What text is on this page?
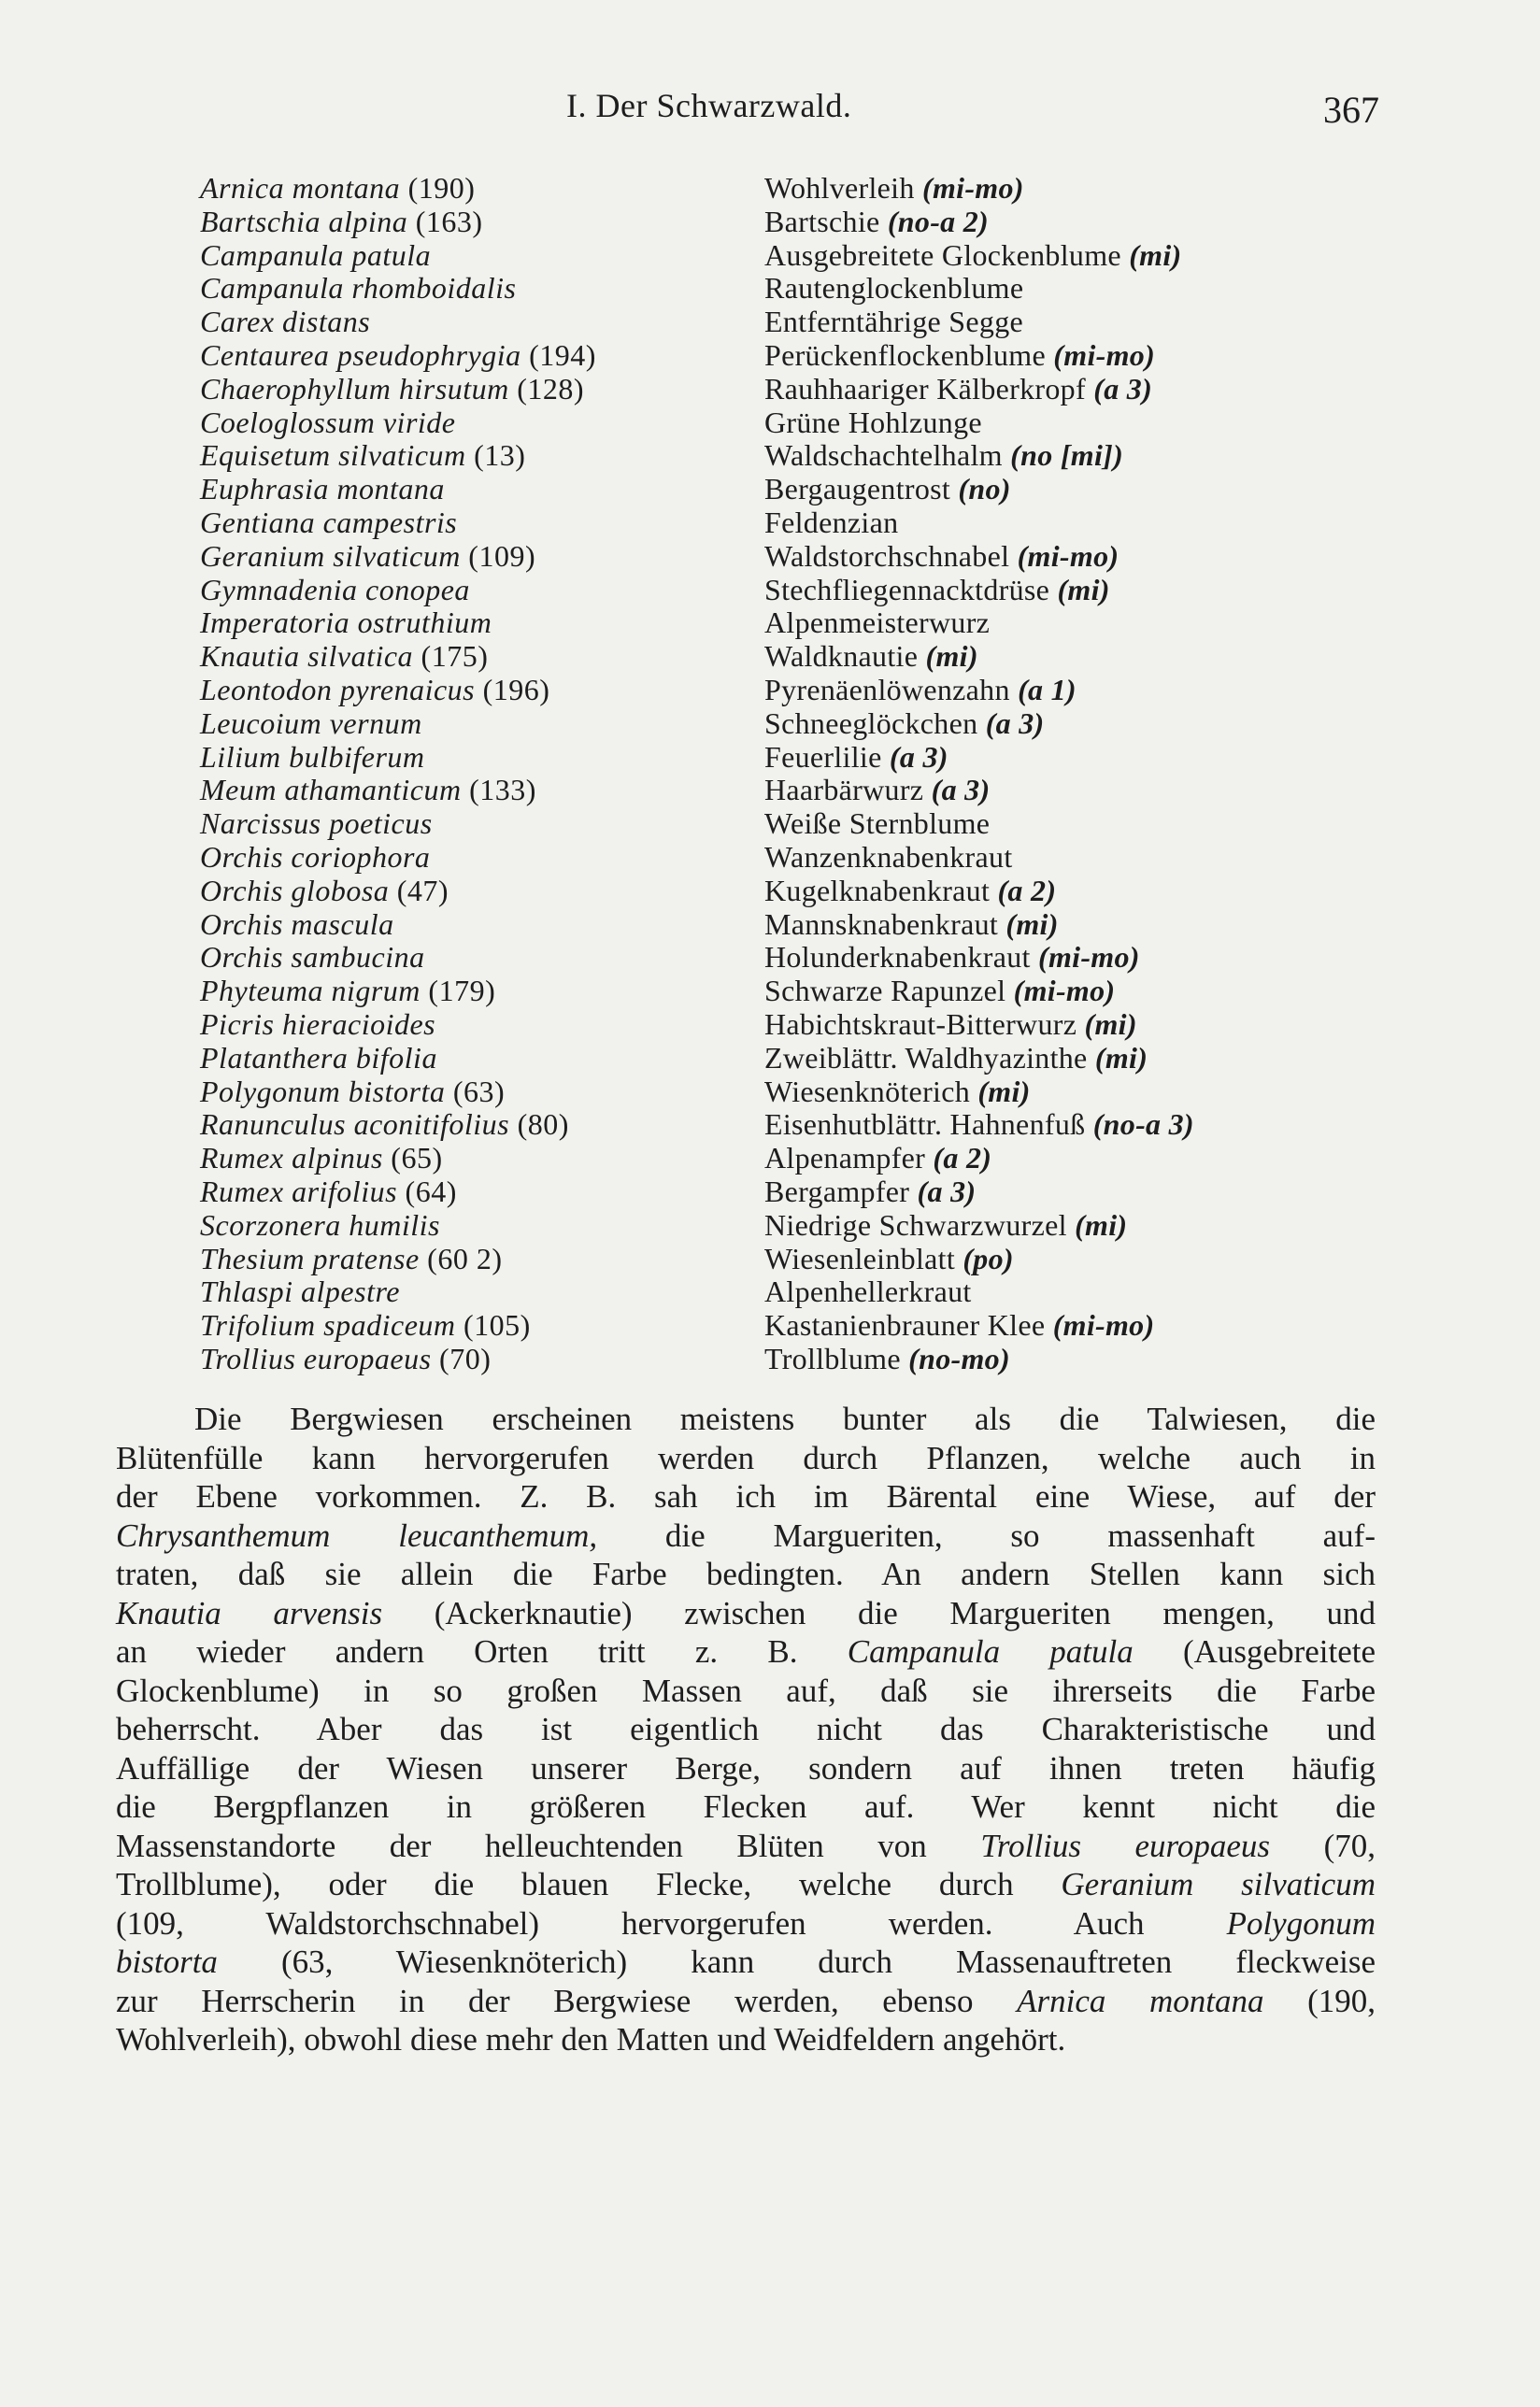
I. Der Schwarzwald.	367
Arnica montana (190)	Wohlverleih (mi-mo)
Bartschia alpina (163)	Bartschie (no-a 2)
Campanula patula	Ausgebreitete Glockenblume (mi)
Campanula rhomboidalis	Rautenglockenblume
Carex distans	Entferntährige Segge
Centaurea pseudophrygia (194)	Perückenflockenblume (mi-mo)
Chaerophyllum hirsutum (128)	Rauhhaariger Kälberkropf (a 3)
Coeloglossum viride	Grüne Hohlzunge
Equisetum silvaticum (13)	Waldschachtelhalm (no [mi])
Euphrasia montana	Bergaugentrost (no)
Gentiana campestris	Feldenzian
Geranium silvaticum (109)	Waldstorchschnabel (mi-mo)
Gymnadenia conopea	Stechfliegennacktdrüse (mi)
Imperatoria ostruthium	Alpenmeisterwurz
Knautia silvatica (175)	Waldknautie (mi)
Leontodon pyrenaicus (196)	Pyrenäenlöwenzahn (a 1)
Leucoium vernum	Schneeglöckchen (a 3)
Lilium bulbiferum	Feuerlilie (a 3)
Meum athamanticum (133)	Haarbärwurz (a 3)
Narcissus poeticus	Weiße Sternblume
Orchis coriophora	Wanzenknabenkraut
Orchis globosa (47)	Kugelknabenkraut (a 2)
Orchis mascula	Mannsknabenkraut (mi)
Orchis sambucina	Holunderknabenkraut (mi-mo)
Phyteuma nigrum (179)	Schwarze Rapunzel (mi-mo)
Picris hieracioides	Habichtskraut-Bitterwurz (mi)
Platanthera bifolia	Zweiblättr. Waldhyazinthe (mi)
Polygonum bistorta (63)	Wiesenknöterich (mi)
Ranunculus aconitifolius (80)	Eisenhutblättr. Hahnenfuß (no-a 3)
Rumex alpinus (65)	Alpenampfer (a 2)
Rumex arifolius (64)	Bergampfer (a 3)
Scorzonera humilis	Niedrige Schwarzwurzel (mi)
Thesium pratense (60 2)	Wiesenleinblatt (po)
Thlaspi alpestre	Alpenhellerkraut
Trifolium spadiceum (105)	Kastanienbrauner Klee (mi-mo)
Trollius europaeus (70)	Trollblume (no-mo)
Die Bergwiesen erscheinen meistens bunter als die Talwiesen, die
Blütenfülle kann hervorgerufen werden durch Pflanzen, welche auch in
der Ebene vorkommen. Z. B. sah ich im Bärental eine Wiese, auf der
Chrysanthemum leucanthemum, die Margueriten, so massenhaft auf-
traten, daß sie allein die Farbe bedingten. An andern Stellen kann sich
Knautia arvensis (Ackerknautie) zwischen die Margueriten mengen, und
an wieder andern Orten tritt z. B. Campanula patula (Ausgebreitete
Glockenblume) in so großen Massen auf, daß sie ihrerseits die Farbe
beherrscht. Aber das ist eigentlich nicht das Charakteristische und
Auffällige der Wiesen unserer Berge, sondern auf ihnen treten häufig
die Bergpflanzen in größeren Flecken auf. Wer kennt nicht die
Massenstandorte der helleuchtenden Blüten von Trollius europaeus (70,
Trollblume), oder die blauen Flecke, welche durch Geranium silvaticum
(109, Waldstorchschnabel) hervorgerufen werden. Auch Polygonum
bistorta (63, Wiesenknöterich) kann durch Massenauftreten fleckweise
zur Herrscherin in der Bergwiese werden, ebenso Arnica montana (190,
Wohlverleih), obwohl diese mehr den Matten und Weidfeldern angehört.
